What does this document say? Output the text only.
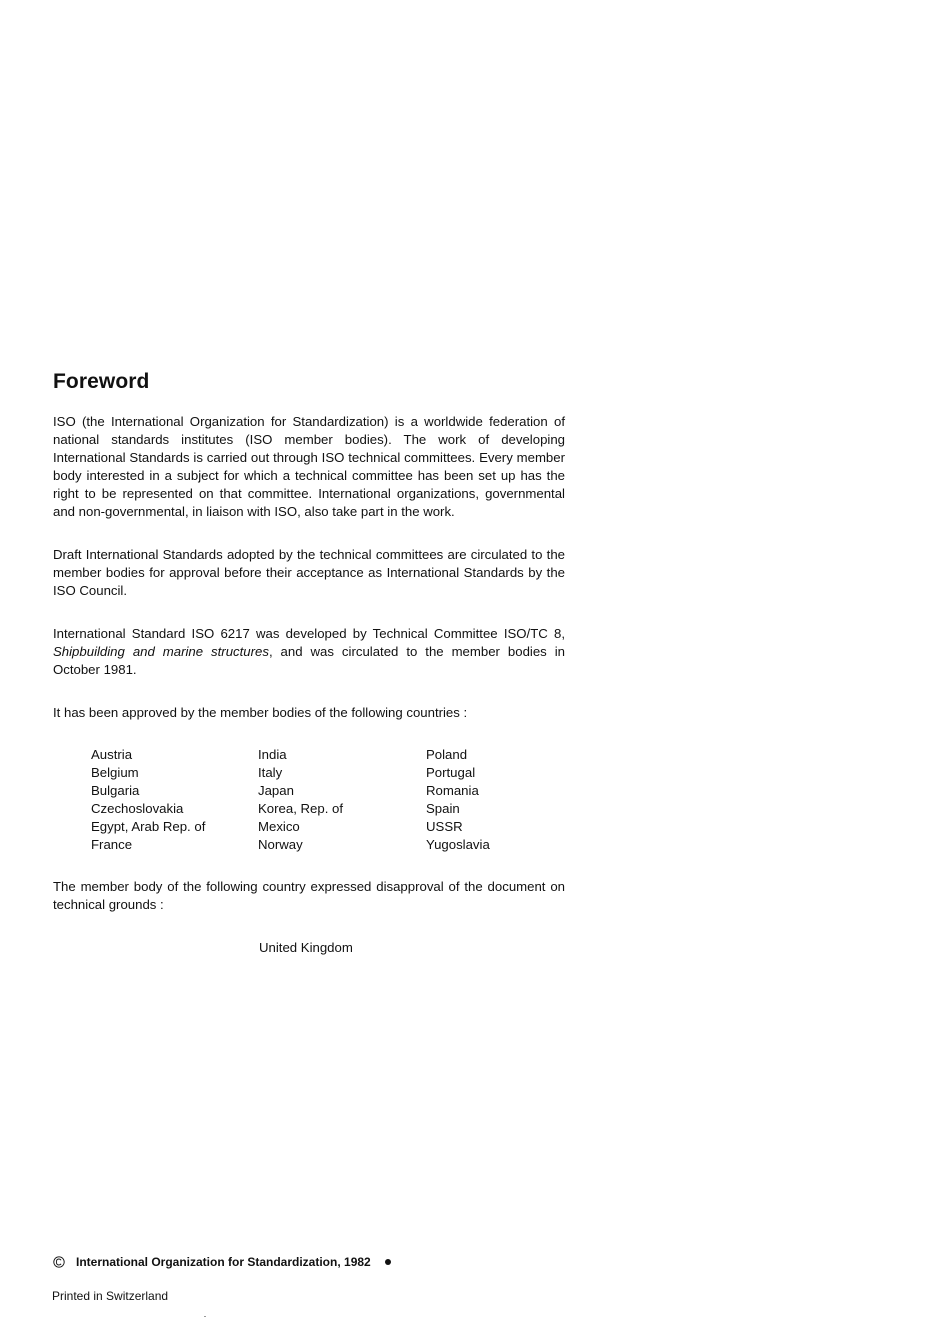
Foreword

ISO (the International Organization for Standardization) is a worldwide federation of national standards institutes (ISO member bodies). The work of developing International Standards is carried out through ISO technical committees. Every member body interested in a subject for which a technical committee has been set up has the right to be represented on that committee. International organizations, governmental and non-governmental, in liaison with ISO, also take part in the work.

Draft International Standards adopted by the technical committees are circulated to the member bodies for approval before their acceptance as International Standards by the ISO Council.

International Standard ISO 6217 was developed by Technical Committee ISO/TC 8, Shipbuilding and marine structures, and was circulated to the member bodies in October 1981.

It has been approved by the member bodies of the following countries :

Austria
Belgium
Bulgaria
Czechoslovakia
Egypt, Arab Rep. of
France
India
Italy
Japan
Korea, Rep. of
Mexico
Norway
Poland
Portugal
Romania
Spain
USSR
Yugoslavia

The member body of the following country expressed disapproval of the document on technical grounds :

United Kingdom
International Organization for Standardization, 1982
Printed in Switzerland
